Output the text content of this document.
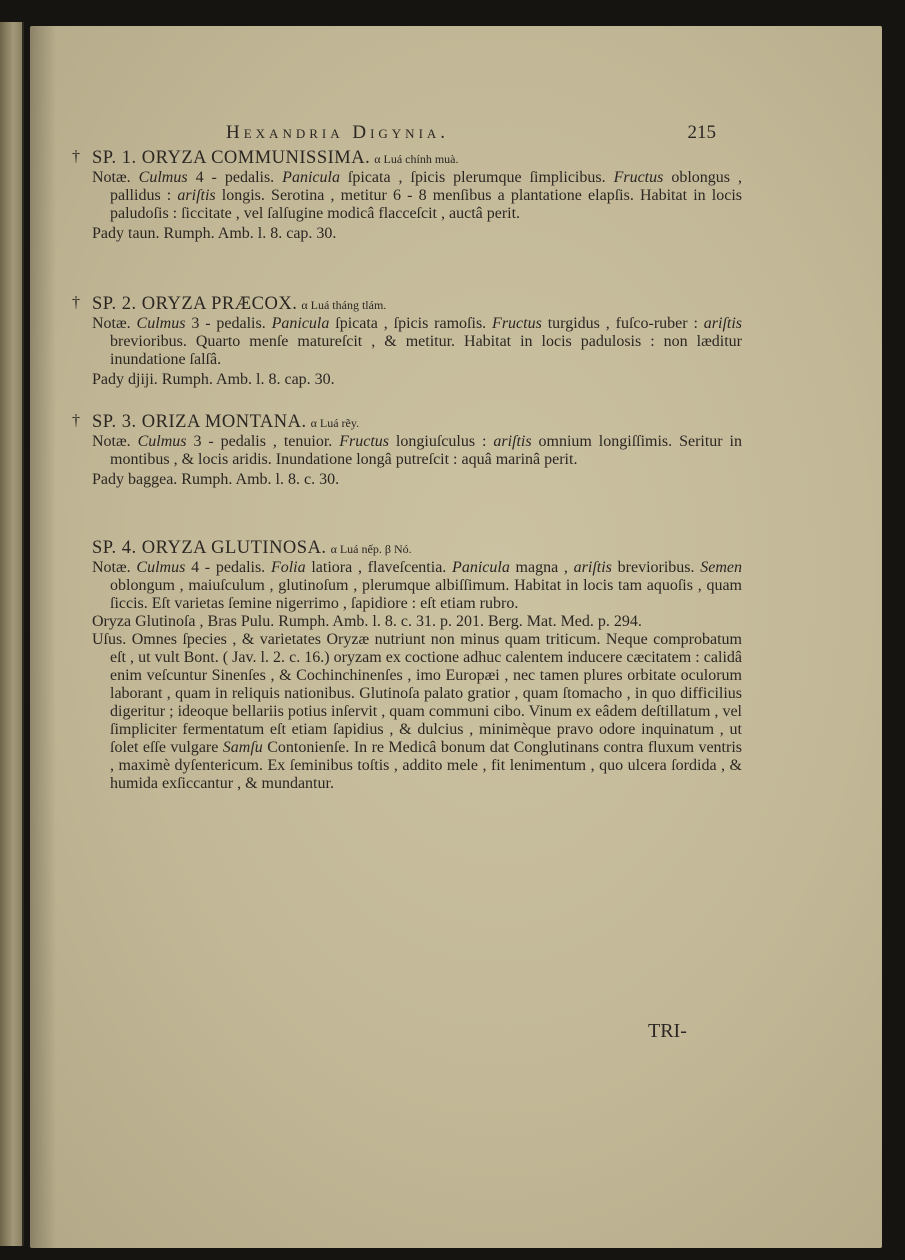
Hexandria Digynia.	215
† SP. 1. ORYZA COMMUNISSIMA. α Luá chính muà.

Notæ. Culmus 4 - pedalis. Panicula ſpicata , ſpicis plerumque ſimplicibus. Fructus oblongus , pallidus : ariſtis longis. Serotina , metitur 6 - 8 menſibus a plantatione elapſis. Habitat in locis paludoſis : ſiccitate , vel ſalſugine modicâ flacceſcit , auctâ perit.

Pady taun. Rumph. Amb. l. 8. cap. 30.
† SP. 2. ORYZA PRÆCOX. α Luá tháng tlám.

Notæ. Culmus 3 - pedalis. Panicula ſpicata , ſpicis ramoſis. Fructus turgidus , fuſco-ruber : ariſtis brevioribus. Quarto menſe matureſcit , & metitur. Habitat in locis padulosis : non læditur inundatione ſalſâ.

Pady djiji. Rumph. Amb. l. 8. cap. 30.
† SP. 3. ORIZA MONTANA. α Luá rẽy.

Notæ. Culmus 3 - pedalis , tenuior. Fructus longiuſculus : ariſtis omnium longiſſimis. Seritur in montibus , & locis aridis. Inundatione longâ putreſcit : aquâ marinâ perit.

Pady baggea. Rumph. Amb. l. 8. c. 30.
SP. 4. ORYZA GLUTINOSA. α Luá nếp. β Nó.

Notæ. Culmus 4 - pedalis. Folia latiora , flaveſcentia. Panicula magna , ariſtis brevioribus. Semen oblongum , maiuſculum , glutinoſum , plerumque albiſſimum. Habitat in locis tam aquoſis , quam ſiccis. Eſt varietas ſemine nigerrimo , ſapidiore : eſt etiam rubro.

Oryza Glutinoſa , Bras Pulu. Rumph. Amb. l. 8. c. 31. p. 201. Berg. Mat. Med. p. 294.

Uſus. Omnes ſpecies , & varietates Oryzæ nutriunt non minus quam triticum. Neque comprobatum eſt , ut vult Bont. ( Jav. l. 2. c. 16.) oryzam ex coctione adhuc calentem inducere cæcitatem : calidâ enim veſcuntur Sinenſes , & Cochinchinenſes , imo Europæi , nec tamen plures orbitate oculorum laborant , quam in reliquis nationibus. Glutinoſa palato gratior , quam ſtomacho , in quo difficilius digeritur ; ideoque bellariis potius inſervit , quam communi cibo. Vinum ex eâdem deſtillatum , vel ſimpliciter fermentatum eſt etiam ſapidius , & dulcius , minimèque pravo odore inquinatum , ut ſolet eſſe vulgare Samſu Contonienſe. In re Medicâ bonum dat Conglutinans contra fluxum ventris , maximè dyſentericum. Ex ſeminibus toſtis , addito mele , fit lenimentum , quo ulcera ſordida , & humida exſiccantur , & mundantur.

TRI-
